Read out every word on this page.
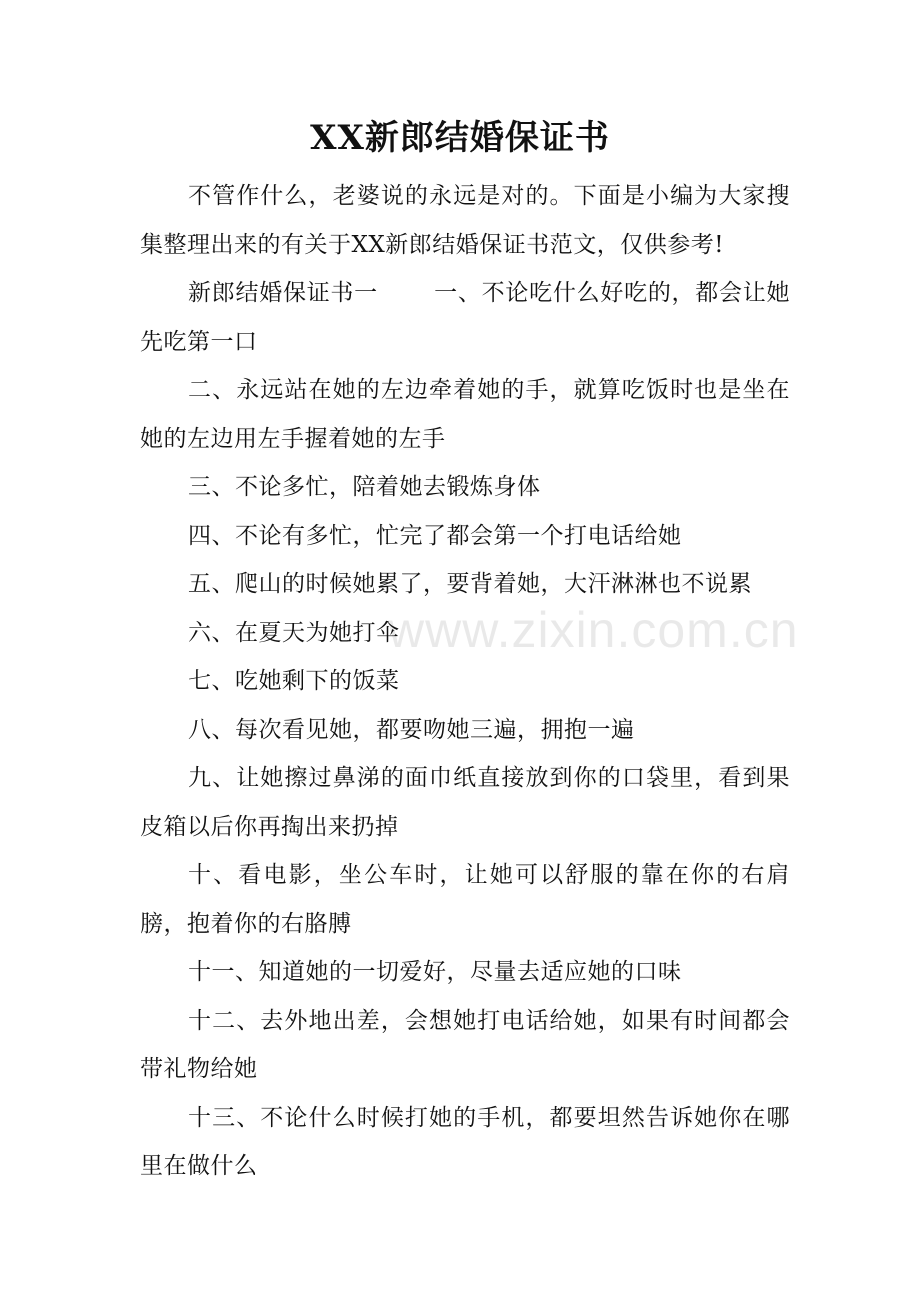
XX新郎结婚保证书

不管作什么，老婆说的永远是对的。下面是小编为大家搜集整理出来的有关于XX新郎结婚保证书范文，仅供参考!

新郎结婚保证书一 一、不论吃什么好吃的，都会让她先吃第一口

二、永远站在她的左边牵着她的手，就算吃饭时也是坐在她的左边用左手握着她的左手

三、不论多忙，陪着她去锻炼身体

四、不论有多忙，忙完了都会第一个打电话给她

五、爬山的时候她累了，要背着她，大汗淋淋也不说累

六、在夏天为她打伞

七、吃她剩下的饭菜

八、每次看见她，都要吻她三遍，拥抱一遍

九、让她擦过鼻涕的面巾纸直接放到你的口袋里，看到果皮箱以后你再掏出来扔掉

十、看电影，坐公车时，让她可以舒服的靠在你的右肩膀，抱着你的右胳膊

十一、知道她的一切爱好，尽量去适应她的口味

十二、去外地出差，会想她打电话给她，如果有时间都会带礼物给她

十三、不论什么时候打她的手机，都要坦然告诉她你在哪里在做什么

www.zixin.com.cn
